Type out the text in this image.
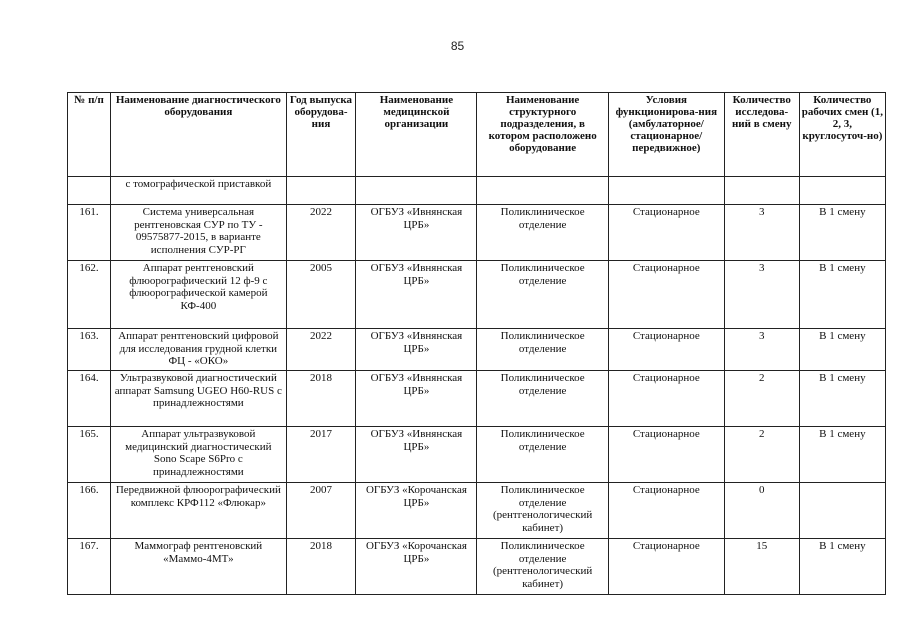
85
№ п/п	Наименование диагностического оборудования	Год выпуска оборудова-ния	Наименование медицинской организации	Наименование структурного подразделения, в котором расположено оборудование	Условия функционирова-ния (амбулаторное/ стационарное/ передвижное)	Количество исследова-ний в смену	Количество рабочих смен (1, 2, 3, круглосуточ-но)
	с томографической приставкой						
161.	Система универсальная рентгеновская СУР по ТУ - 09575877-2015, в варианте исполнения СУР-РГ	2022	ОГБУЗ «Ивнянская ЦРБ»	Поликлиническое отделение	Стационарное	3	В 1 смену
162.	Аппарат рентгеновский флюорографический 12 ф-9 с флюорографической камерой КФ-400	2005	ОГБУЗ «Ивнянская ЦРБ»	Поликлиническое отделение	Стационарное	3	В 1 смену
163.	Аппарат рентгеновский цифровой для исследования грудной клетки ФЦ - «ОКО»	2022	ОГБУЗ «Ивнянская ЦРБ»	Поликлиническое отделение	Стационарное	3	В 1 смену
164.	Ультразвуковой диагностический аппарат Samsung UGEO H60-RUS с принадлежностями	2018	ОГБУЗ «Ивнянская ЦРБ»	Поликлиническое отделение	Стационарное	2	В 1 смену
165.	Аппарат ультразвуковой медицинский диагностический Sono Scape S6Pro с принадлежностями	2017	ОГБУЗ «Ивнянская ЦРБ»	Поликлиническое отделение	Стационарное	2	В 1 смену
166.	Передвижной флюорографический комплекс КРФ112 «Флюкар»	2007	ОГБУЗ «Корочанская ЦРБ»	Поликлиническое отделение (рентгенологический кабинет)	Стационарное	0	
167.	Маммограф рентгеновский «Маммо-4МТ»	2018	ОГБУЗ «Корочанская ЦРБ»	Поликлиническое отделение (рентгенологический кабинет)	Стационарное	15	В 1 смену
